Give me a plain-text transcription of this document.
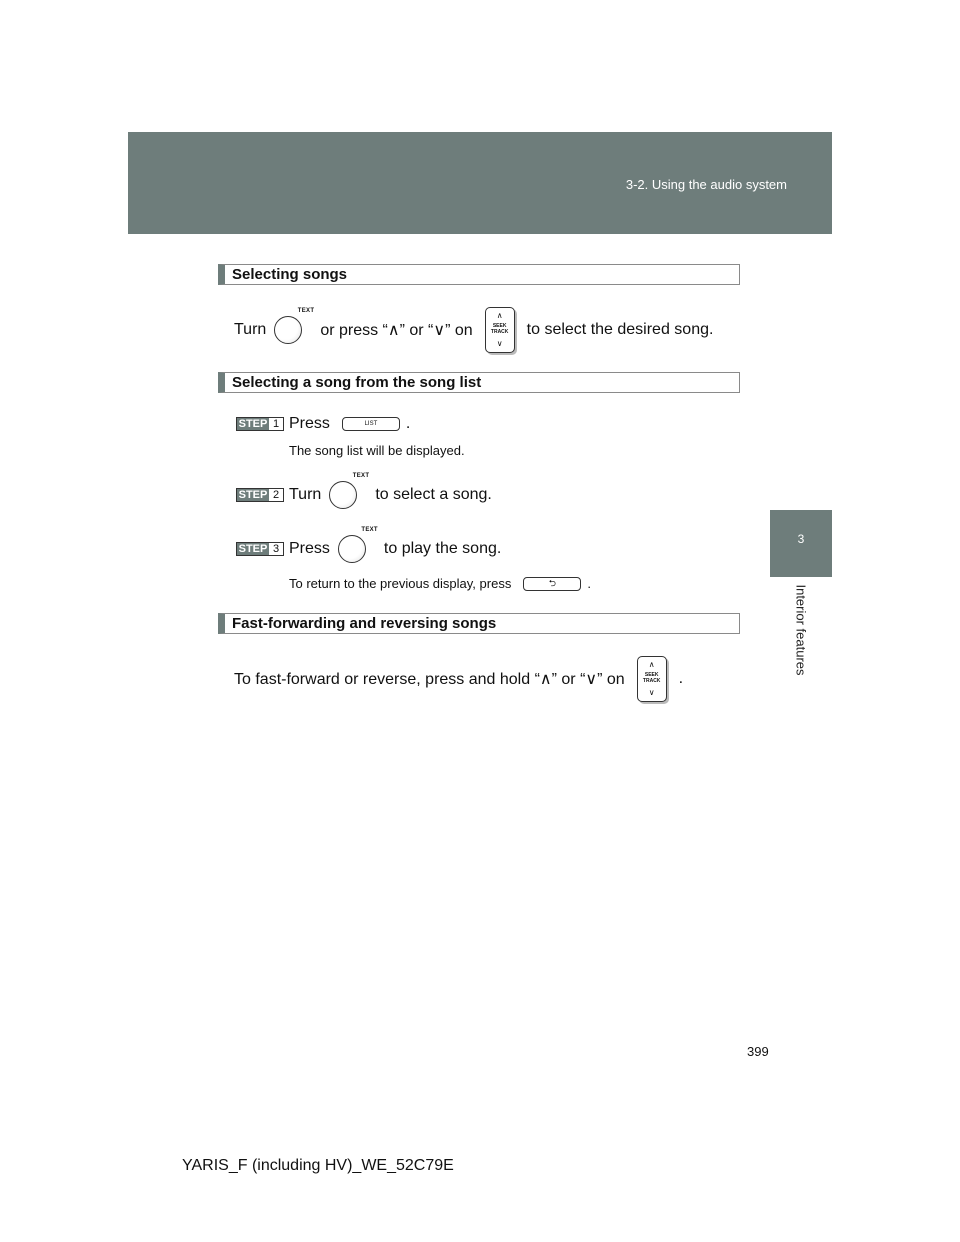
3-2. Using the audio system
3
Interior features
Selecting songs
Turn
TEXT
or press “∧” or “∨” on
∧
SEEK
TRACK
∨
to select the desired song.
Selecting a song from the song list
STEP 1 Press	LIST	.
The song list will be displayed.
STEP 2 Turn
TEXT
to select a song.
STEP 3 Press
TEXT
to play the song.
To return to the previous display, press	⮌	.
Fast-forwarding and reversing songs
To fast-forward or reverse, press and hold “∧” or “∨” on
∧
SEEK
TRACK
∨
.
399
YARIS_F (including HV)_WE_52C79E
